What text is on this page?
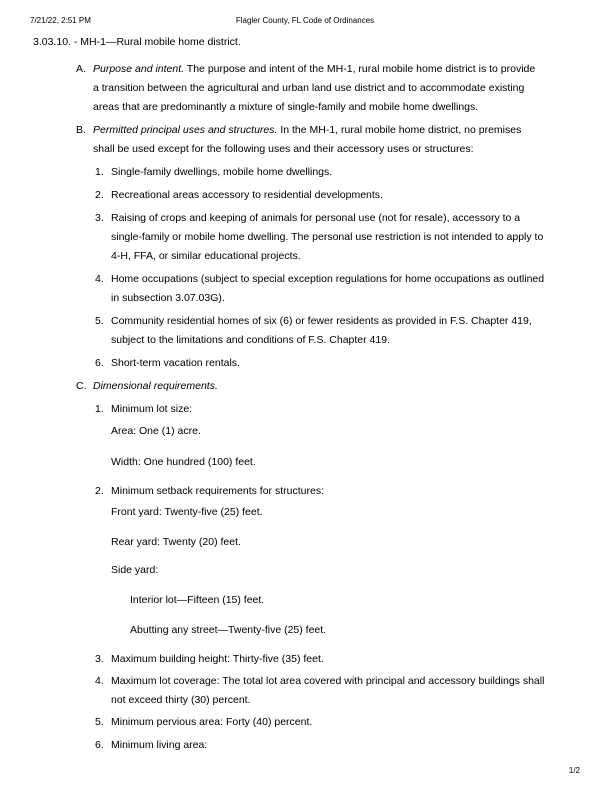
7/21/22, 2:51 PM	Flagler County, FL Code of Ordinances
3.03.10. - MH-1—Rural mobile home district.
A. Purpose and intent. The purpose and intent of the MH-1, rural mobile home district is to provide
a transition between the agricultural and urban land use district and to accommodate existing
areas that are predominantly a mixture of single-family and mobile home dwellings.
B. Permitted principal uses and structures. In the MH-1, rural mobile home district, no premises
shall be used except for the following uses and their accessory uses or structures:
1. Single-family dwellings, mobile home dwellings.
2. Recreational areas accessory to residential developments.
3. Raising of crops and keeping of animals for personal use (not for resale), accessory to a
single-family or mobile home dwelling. The personal use restriction is not intended to apply to
4-H, FFA, or similar educational projects.
4. Home occupations (subject to special exception regulations for home occupations as outlined
in subsection 3.07.03G).
5. Community residential homes of six (6) or fewer residents as provided in F.S. Chapter 419,
subject to the limitations and conditions of F.S. Chapter 419.
6. Short-term vacation rentals.
C. Dimensional requirements.
1. Minimum lot size:
Area: One (1) acre.
Width: One hundred (100) feet.
2. Minimum setback requirements for structures:
Front yard: Twenty-five (25) feet.
Rear yard: Twenty (20) feet.
Side yard:
Interior lot—Fifteen (15) feet.
Abutting any street—Twenty-five (25) feet.
3. Maximum building height: Thirty-five (35) feet.
4. Maximum lot coverage: The total lot area covered with principal and accessory buildings shall
not exceed thirty (30) percent.
5. Minimum pervious area: Forty (40) percent.
6. Minimum living area:
1/2
